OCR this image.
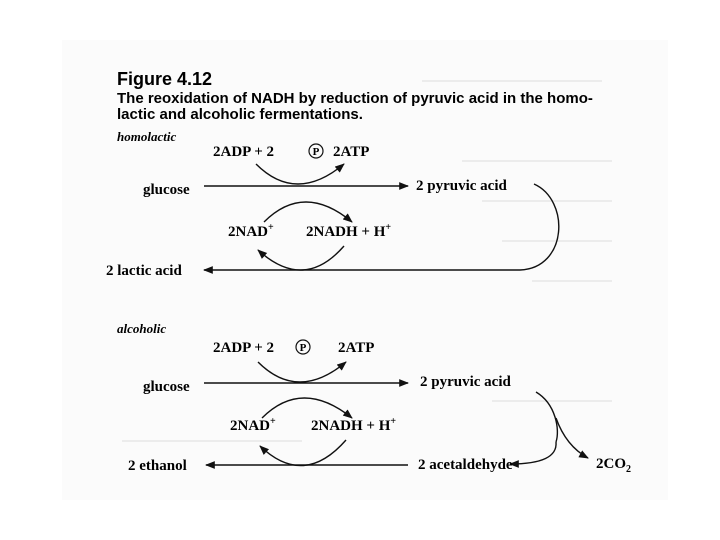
Figure 4.12
The reoxidation of NADH by reduction of pyruvic acid in the homo-
lactic and alcoholic fermentations.
homolactic
2ADP + 2	P 2ATP
glucose	2 pyruvic acid
2NAD+ 2NADH + H+
2 lactic acid
alcoholic
2ADP + 2 P 2ATP
glucose	2 pyruvic acid
2NAD+ 2NADH + H+
2 acetaldehyde	$2CO_2$
2 ethanol
